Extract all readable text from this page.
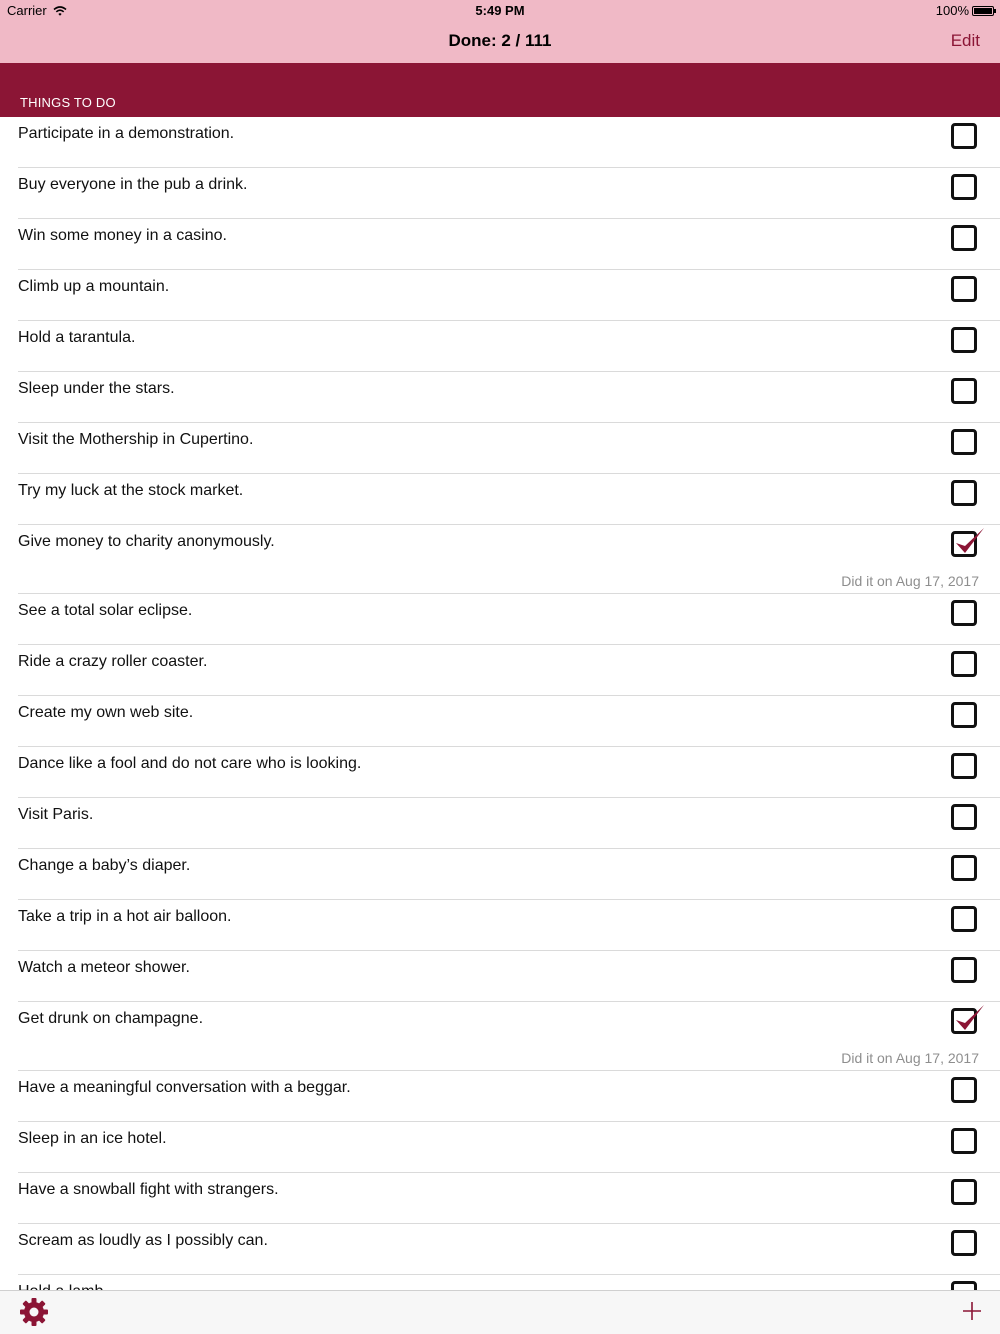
Carrier	5:49 PM	100%
Done: 2 / 111	Edit
THINGS TO DO
Participate in a demonstration.
Buy everyone in the pub a drink.
Win some money in a casino.
Climb up a mountain.
Hold a tarantula.
Sleep under the stars.
Visit the Mothership in Cupertino.
Try my luck at the stock market.
Give money to charity anonymously.
Did it on Aug 17, 2017
See a total solar eclipse.
Ride a crazy roller coaster.
Create my own web site.
Dance like a fool and do not care who is looking.
Visit Paris.
Change a baby’s diaper.
Take a trip in a hot air balloon.
Watch a meteor shower.
Get drunk on champagne.
Did it on Aug 17, 2017
Have a meaningful conversation with a beggar.
Sleep in an ice hotel.
Have a snowball fight with strangers.
Scream as loudly as I possibly can.
